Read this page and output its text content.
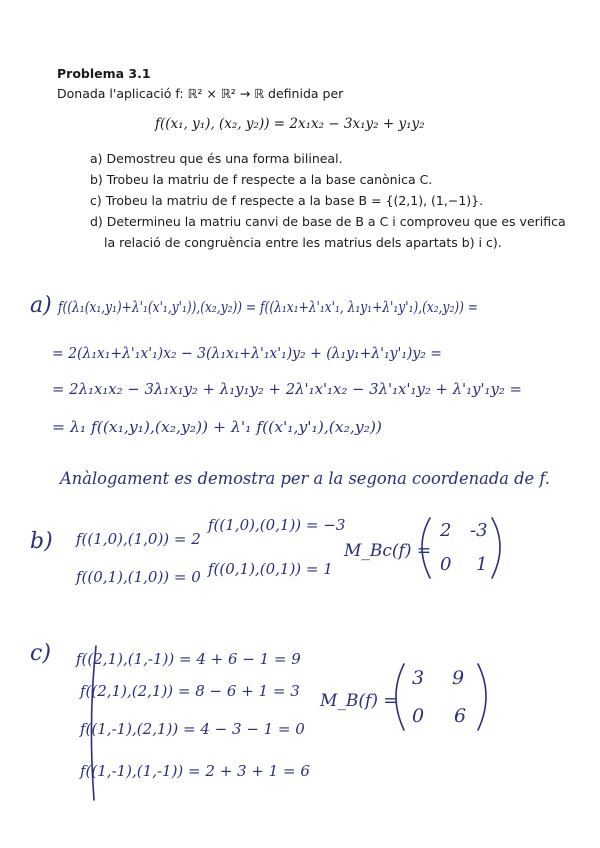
Problema 3.1
Donada l'aplicació f: ℝ² × ℝ² → ℝ definida per
f((x₁, y₁), (x₂, y₂)) = 2x₁x₂ − 3x₁y₂ + y₁y₂
a) Demostreu que és una forma bilineal.
b) Trobeu la matriu de f respecte a la base canònica C.
c) Trobeu la matriu de f respecte a la base B = {(2,1), (1,−1)}.
d) Determineu la matriu canvi de base de B a C i comproveu que es verifica
la relació de congruència entre les matrius dels apartats b) i c).
a) f((λ₁(x₁,y₁)+λ'₁(x'₁,y'₁)),(x₂,y₂)) = f((λ₁x₁+λ'₁x'₁, λ₁y₁+λ'₁y'₁),(x₂,y₂)) =
= 2(λ₁x₁+λ'₁x'₁)x₂ − 3(λ₁x₁+λ'₁x'₁)y₂ + (λ₁y₁+λ'₁y'₁)y₂ =
= 2λ₁x₁x₂ − 3λ₁x₁y₂ + λ₁y₁y₂ + 2λ'₁x'₁x₂ − 3λ'₁x'₁y₂ + λ'₁y'₁y₂ =
= λ₁ f((x₁,y₁),(x₂,y₂)) + λ'₁ f((x'₁,y'₁),(x₂,y₂))
Anàlogament es demostra per a la segona coordenada de f.
b) f((1,0),(1,0)) = 2
f((1,0),(0,1)) = −3
f((0,1),(1,0)) = 0 f((0,1),(0,1)) = 1
M_Bc(f) =
2 -3
0 1
c) f((2,1),(1,-1)) = 4 + 6 − 1 = 9
f((2,1),(2,1)) = 8 − 6 + 1 = 3
f((1,-1),(2,1)) = 4 − 3 − 1 = 0
f((1,-1),(1,-1)) = 2 + 3 + 1 = 6
M_B(f) =
3 9
0 6
